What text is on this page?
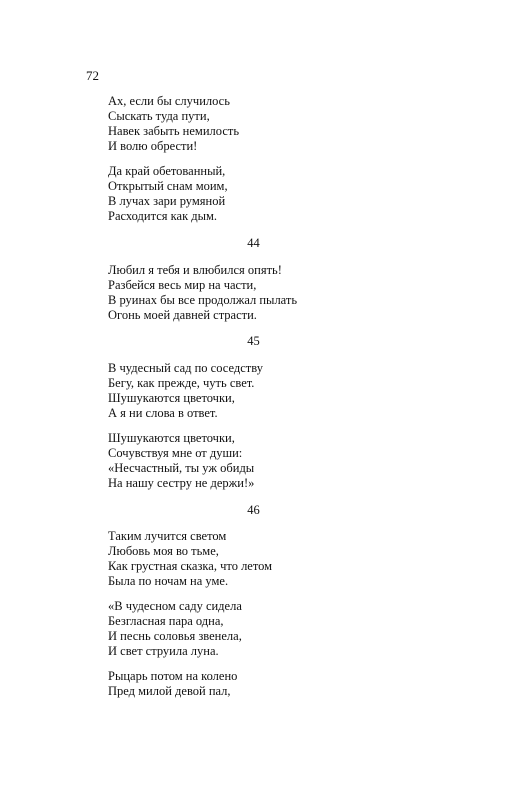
72
Ах, если бы случилось
Сыскать туда пути,
Навек забыть немилость
И волю обрести!
Да край обетованный,
Открытый снам моим,
В лучах зари румяной
Расходится как дым.
44
Любил я тебя и влюбился опять!
Разбейся весь мир на части,
В руинах бы все продолжал пылать
Огонь моей давней страсти.
45
В чудесный сад по соседству
Бегу, как прежде, чуть свет.
Шушукаются цветочки,
А я ни слова в ответ.
Шушукаются цветочки,
Сочувствуя мне от души:
«Несчастный, ты уж обиды
На нашу сестру не держи!»
46
Таким лучится светом
Любовь моя во тьме,
Как грустная сказка, что летом
Была по ночам на уме.
«В чудесном саду сидела
Безгласная пара одна,
И песнь соловья звенела,
И свет струила луна.
Рыцарь потом на колено
Пред милой девой пал,
